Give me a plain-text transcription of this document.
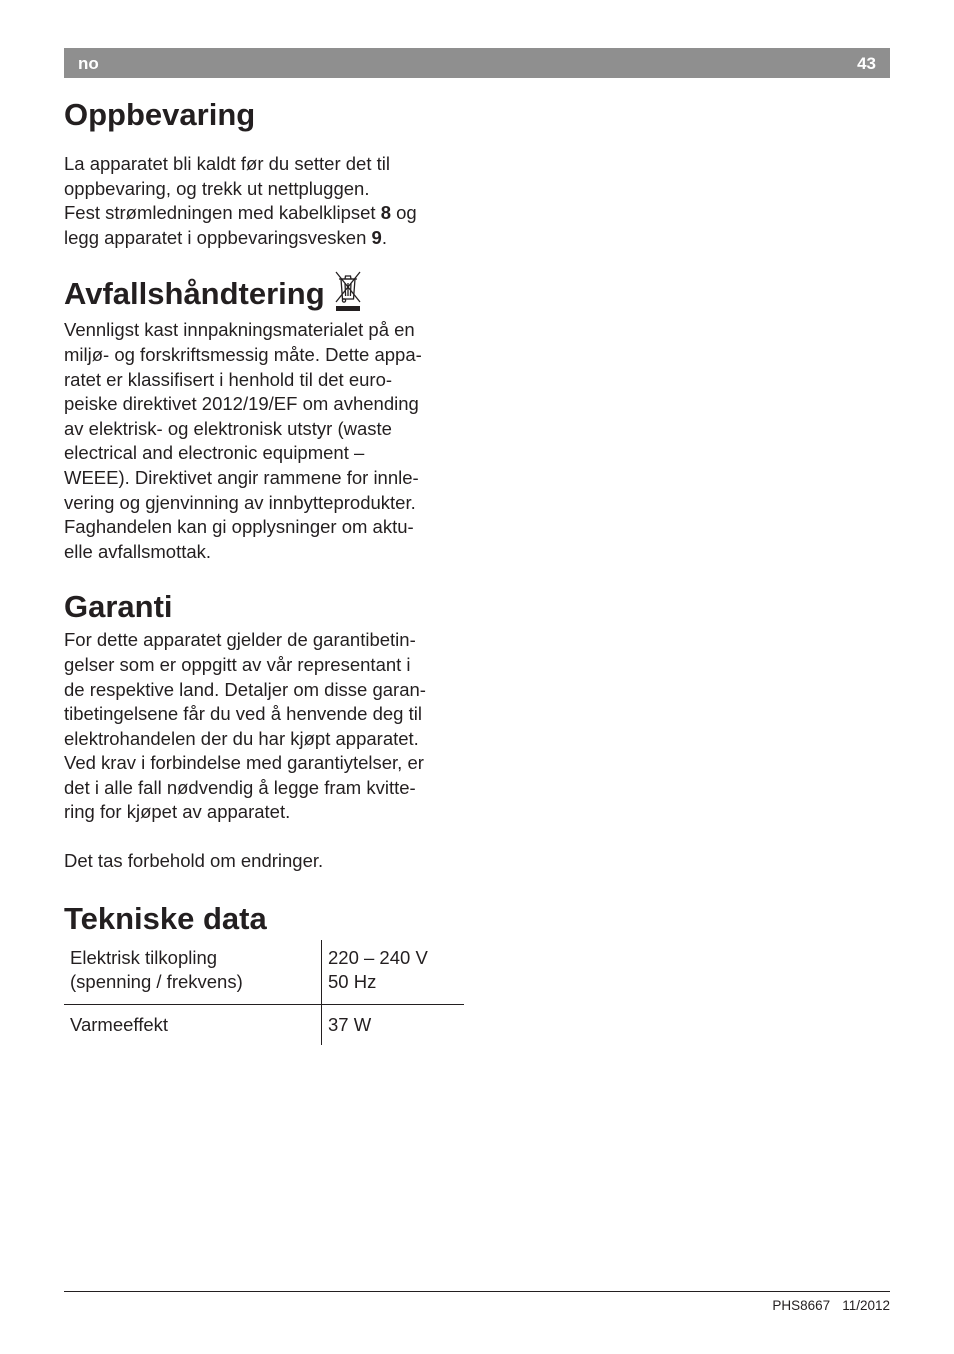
no	43
Oppbevaring

La apparatet bli kaldt før du setter det til
oppbevaring, og trekk ut nettpluggen.
Fest strømledningen med kabelklipset 8 og
legg apparatet i oppbevaringsvesken 9.

Avfallshåndtering

Vennligst kast innpakningsmaterialet på en
miljø- og forskriftsmessig måte. Dette appa-
ratet er klassifisert i henhold til det euro-
peiske direktivet 2012/19/EF om avhending
av elektrisk- og elektronisk utstyr (waste
electrical and electronic equipment –
WEEE). Direktivet angir rammene for innle-
vering og gjenvinning av innbytteprodukter.
Faghandelen kan gi opplysninger om aktu-
elle avfallsmottak.

Garanti

For dette apparatet gjelder de garantibetin-
gelser som er oppgitt av vår representant i
de respektive land. Detaljer om disse garan-
tibetingelsene får du ved å henvende deg til
elektrohandelen der du har kjøpt apparatet.
Ved krav i forbindelse med garantiytelser, er
det i alle fall nødvendig å legge fram kvitte-
ring for kjøpet av apparatet.

Det tas forbehold om endringer.

Tekniske data
Elektrisk tilkopling
(spenning / frekvens)	220 – 240 V
50 Hz
Varmeeffekt	37 W
PHS8667 11/2012
